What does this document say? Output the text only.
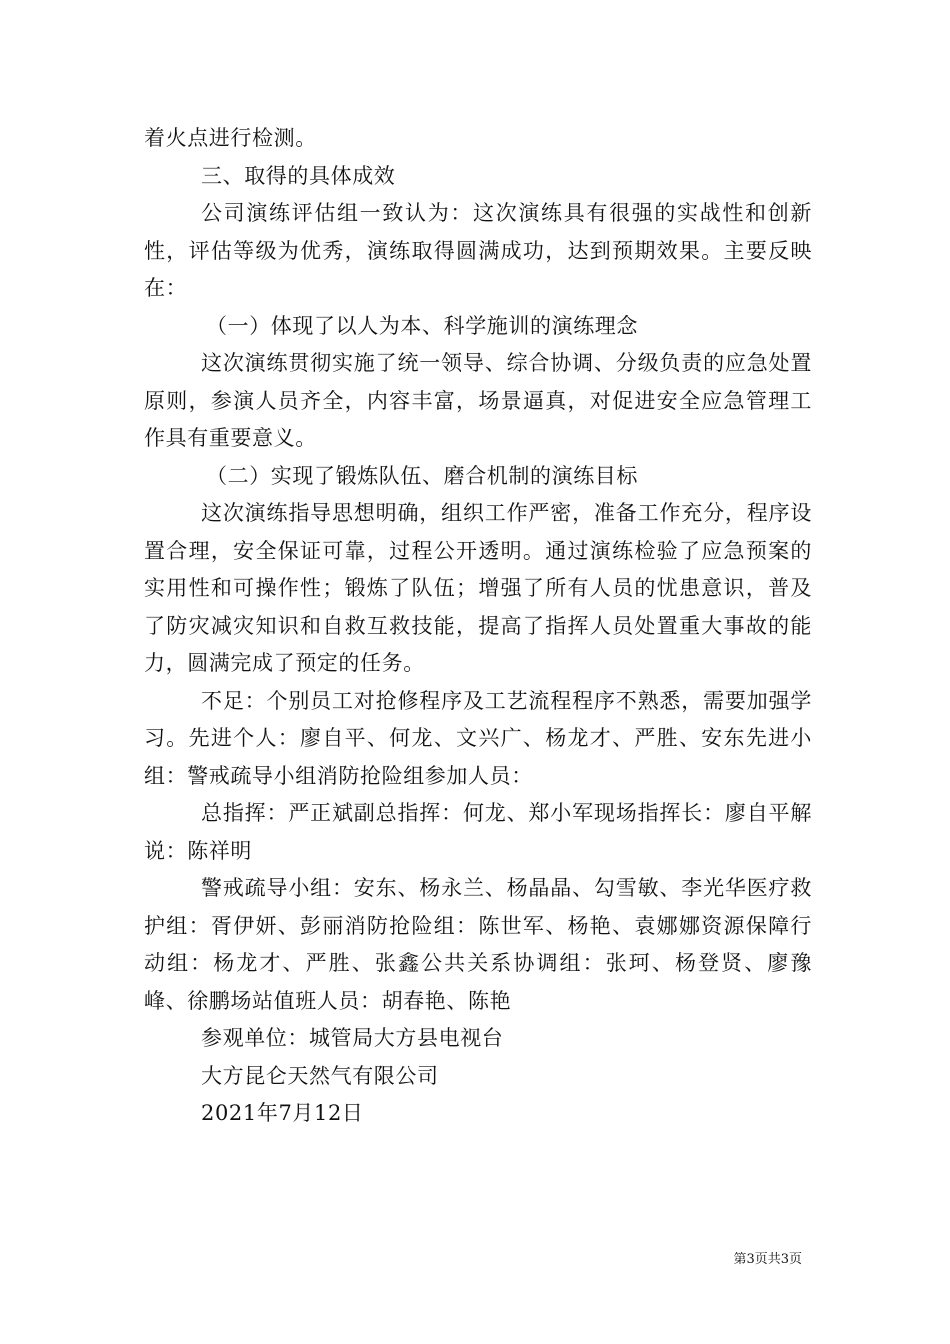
着火点进行检测。

三、取得的具体成效

公司演练评估组一致认为：这次演练具有很强的实战性和创新性，评估等级为优秀，演练取得圆满成功，达到预期效果。主要反映在：

（一）体现了以人为本、科学施训的演练理念

这次演练贯彻实施了统一领导、综合协调、分级负责的应急处置原则，参演人员齐全，内容丰富，场景逼真，对促进安全应急管理工作具有重要意义。

（二）实现了锻炼队伍、磨合机制的演练目标

这次演练指导思想明确，组织工作严密，准备工作充分，程序设置合理，安全保证可靠，过程公开透明。通过演练检验了应急预案的实用性和可操作性；锻炼了队伍；增强了所有人员的忧患意识，普及了防灾减灾知识和自救互救技能，提高了指挥人员处置重大事故的能力，圆满完成了预定的任务。

不足：个别员工对抢修程序及工艺流程程序不熟悉，需要加强学习。先进个人：廖自平、何龙、文兴广、杨龙才、严胜、安东先进小组：警戒疏导小组消防抢险组参加人员：

总指挥：严正斌副总指挥：何龙、郑小军现场指挥长：廖自平解说：陈祥明

警戒疏导小组：安东、杨永兰、杨晶晶、勾雪敏、李光华医疗救护组：胥伊妍、彭丽消防抢险组：陈世军、杨艳、袁娜娜资源保障行动组：杨龙才、严胜、张鑫公共关系协调组：张珂、杨登贤、廖豫峰、徐鹏场站值班人员：胡春艳、陈艳

参观单位：城管局大方县电视台

大方昆仑天然气有限公司

2021年7月12日

第3页共3页
